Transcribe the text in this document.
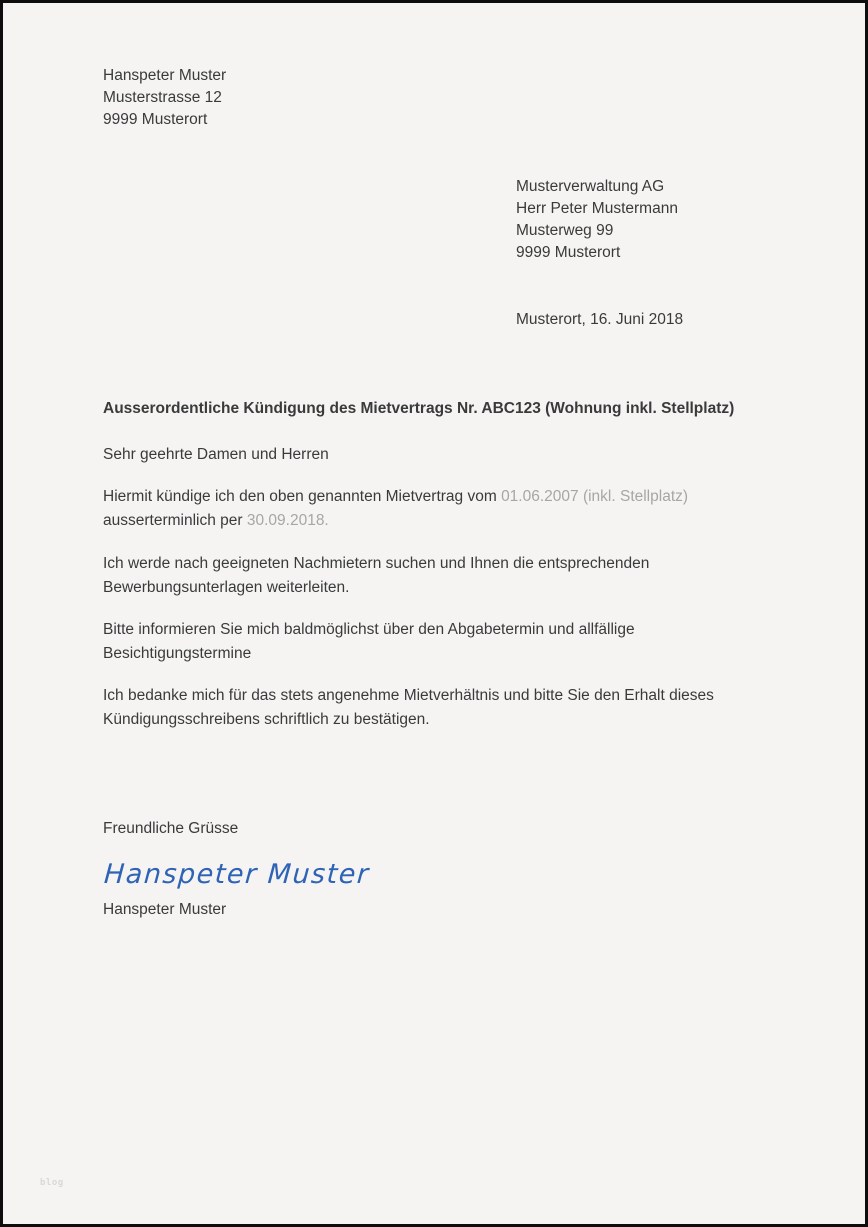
Hanspeter Muster
Musterstrasse 12
9999 Musterort
Musterverwaltung AG
Herr Peter Mustermann
Musterweg 99
9999 Musterort
Musterort, 16. Juni 2018
Ausserordentliche Kündigung des Mietvertrags Nr. ABC123 (Wohnung inkl. Stellplatz)
Sehr geehrte Damen und Herren
Hiermit kündige ich den oben genannten Mietvertrag vom 01.06.2007 (inkl. Stellplatz)
ausserterminlich per 30.09.2018.
Ich werde nach geeigneten Nachmietern suchen und Ihnen die entsprechenden
Bewerbungsunterlagen weiterleiten.
Bitte informieren Sie mich baldmöglichst über den Abgabetermin und allfällige
Besichtigungstermine
Ich bedanke mich für das stets angenehme Mietverhältnis und bitte Sie den Erhalt dieses
Kündigungsschreibens schriftlich zu bestätigen.
Freundliche Grüsse
Hanspeter Muster
Hanspeter Muster
blog
